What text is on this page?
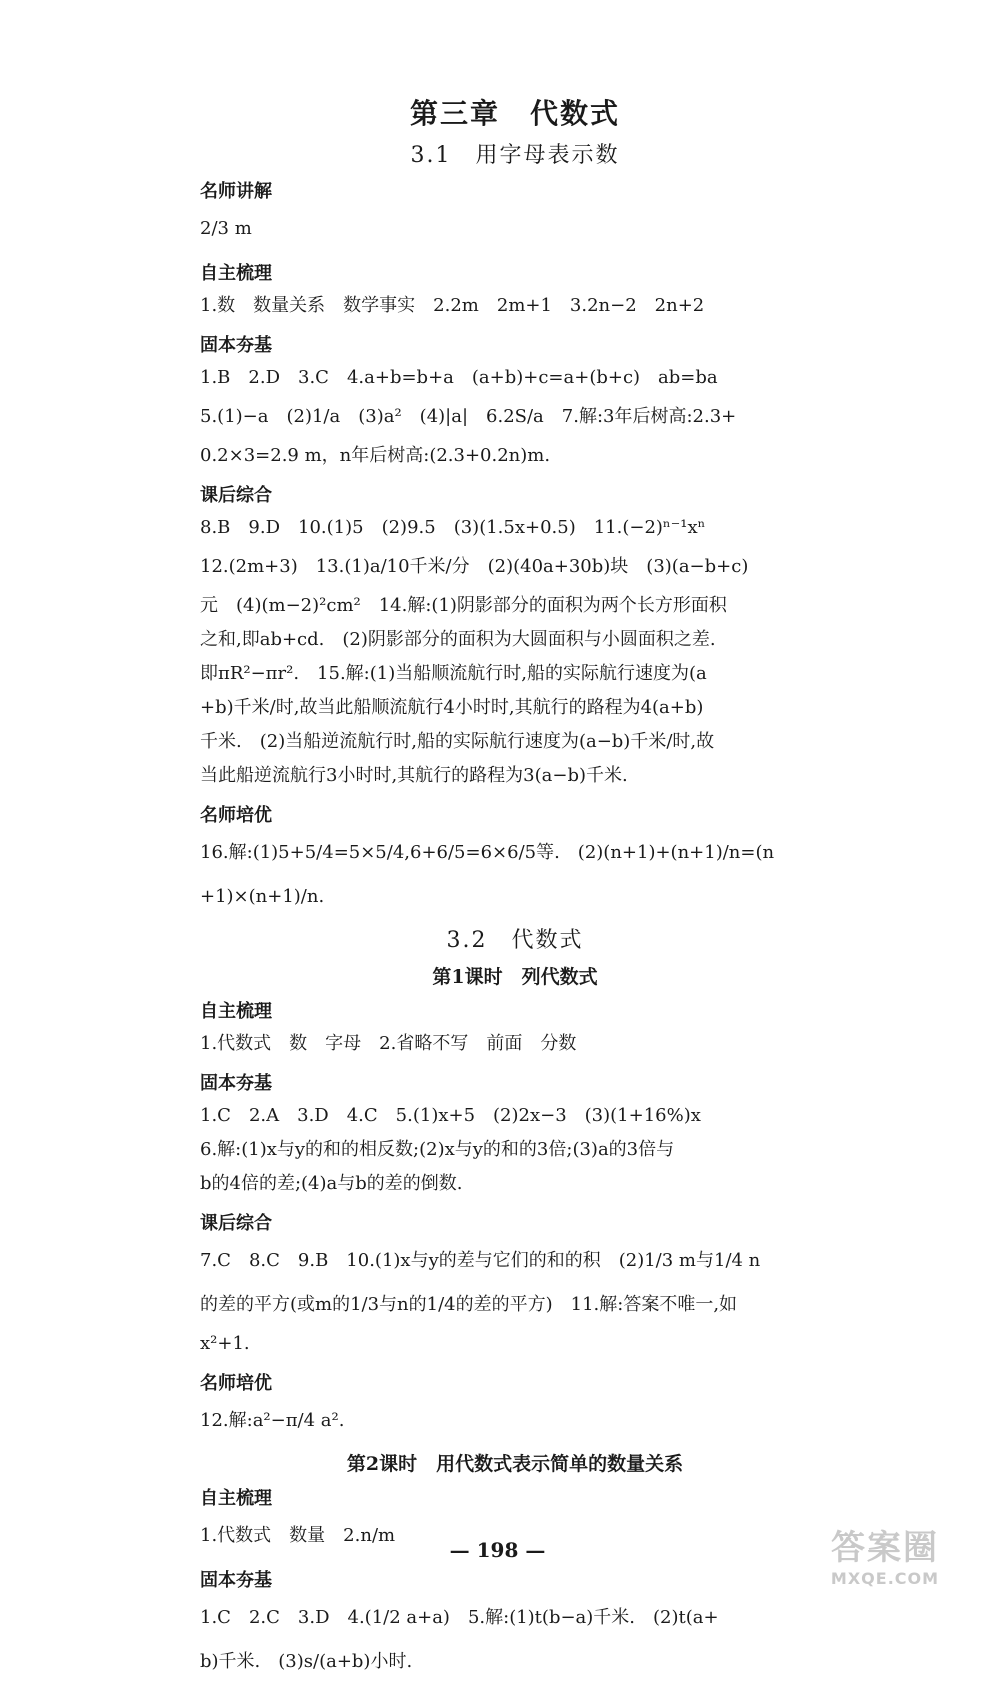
第三章　代数式
3.1　用字母表示数
名师讲解

2/3 m

自主梳理

1.数　数量关系　数学事实　2.2m　2m+1　3.2n−2　2n+2

固本夯基

1.B　2.D　3.C　4.a+b=b+a　(a+b)+c=a+(b+c)　ab=ba

5.(1)−a　(2)1/a　(3)a²　(4)|a|　6.2S/a　7.解:3年后树高:2.3+

0.2×3=2.9 m，n年后树高:(2.3+0.2n)m.

课后综合

8.B　9.D　10.(1)5　(2)9.5　(3)(1.5x+0.5)　11.(−2)ⁿ⁻¹xⁿ

12.(2m+3)　13.(1)a/10千米/分　(2)(40a+30b)块　(3)(a−b+c)

元　(4)(m−2)²cm²　14.解:(1)阴影部分的面积为两个长方形面积

之和,即ab+cd.　(2)阴影部分的面积为大圆面积与小圆面积之差.

即πR²−πr².　15.解:(1)当船顺流航行时,船的实际航行速度为(a

+b)千米/时,故当此船顺流航行4小时时,其航行的路程为4(a+b)

千米.　(2)当船逆流航行时,船的实际航行速度为(a−b)千米/时,故

当此船逆流航行3小时时,其航行的路程为3(a−b)千米.

名师培优

16.解:(1)5+5/4=5×5/4,6+6/5=6×6/5等.　(2)(n+1)+(n+1)/n=(n

+1)×(n+1)/n.

3.2　代数式
第1课时　列代数式
自主梳理

1.代数式　数　字母　2.省略不写　前面　分数

固本夯基

1.C　2.A　3.D　4.C　5.(1)x+5　(2)2x−3　(3)(1+16%)x

6.解:(1)x与y的和的相反数;(2)x与y的和的3倍;(3)a的3倍与

b的4倍的差;(4)a与b的差的倒数.

课后综合

7.C　8.C　9.B　10.(1)x与y的差与它们的和的积　(2)1/3 m与1/4 n

的差的平方(或m的1/3与n的1/4的差的平方)　11.解:答案不唯一,如

x²+1.

名师培优

12.解:a²−π/4 a².

第2课时　用代数式表示简单的数量关系
自主梳理

1.代数式　数量　2.n/m

固本夯基

1.C　2.C　3.D　4.(1/2 a+a)　5.解:(1)t(b−a)千米.　(2)t(a+

b)千米.　(3)s/(a+b)小时.

— 198 —	答案圈
MXQE.COM
